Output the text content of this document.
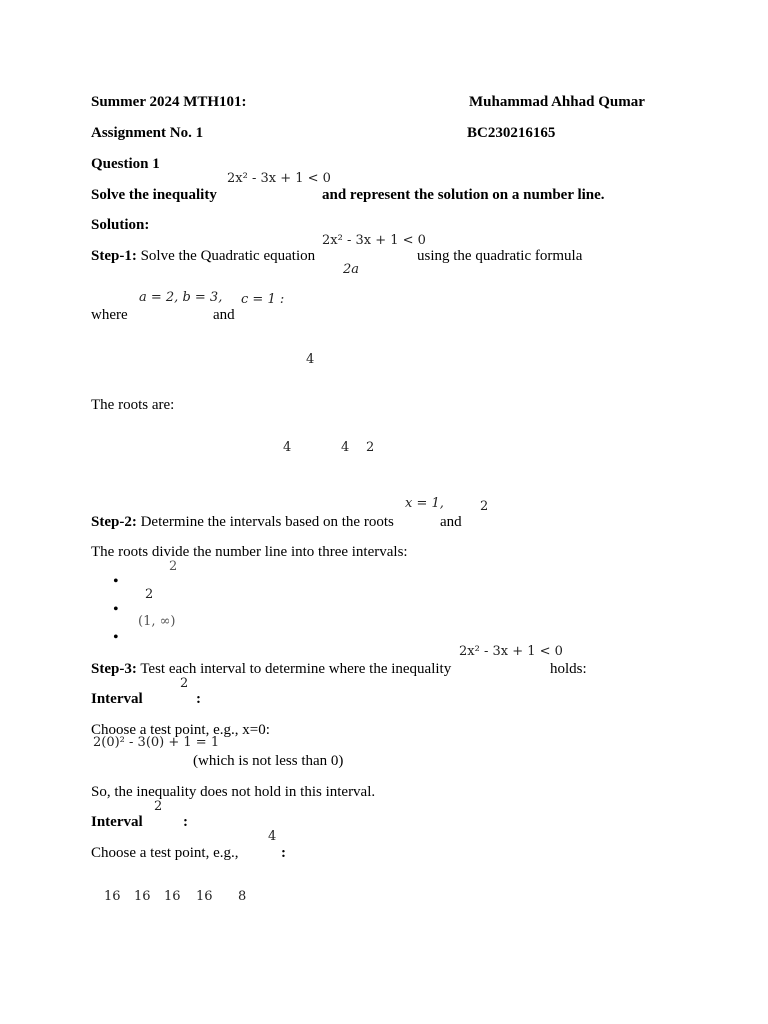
Summer 2024 MTH101:	Muhammad Ahhad Qumar
Assignment No. 1	BC230216165
Question 1
2x² - 3x + 1 < 0
Solve the inequality	and represent the solution on a number line.
Solution:
2x² - 3x + 1 < 0
Step-1: Solve the Quadratic equation	using the quadratic formula
2a
a = 2, b = 3, c = 1 :
where	and
4
The roots are:
4	4 2
x = 1,	2
Step-2: Determine the intervals based on the roots	and
The roots divide the number line into three intervals:
2
•
2
•
(1, ∞)
•
2x² - 3x + 1 < 0
Step-3: Test each interval to determine where the inequality	holds:
2
Interval	:
Choose a test point, e.g., x=0:
2(0)² - 3(0) + 1 = 1
(which is not less than 0)
So, the inequality does not hold in this interval.
2
Interval	:
4
Choose a test point, e.g.,	:
16 16 16 16 8
